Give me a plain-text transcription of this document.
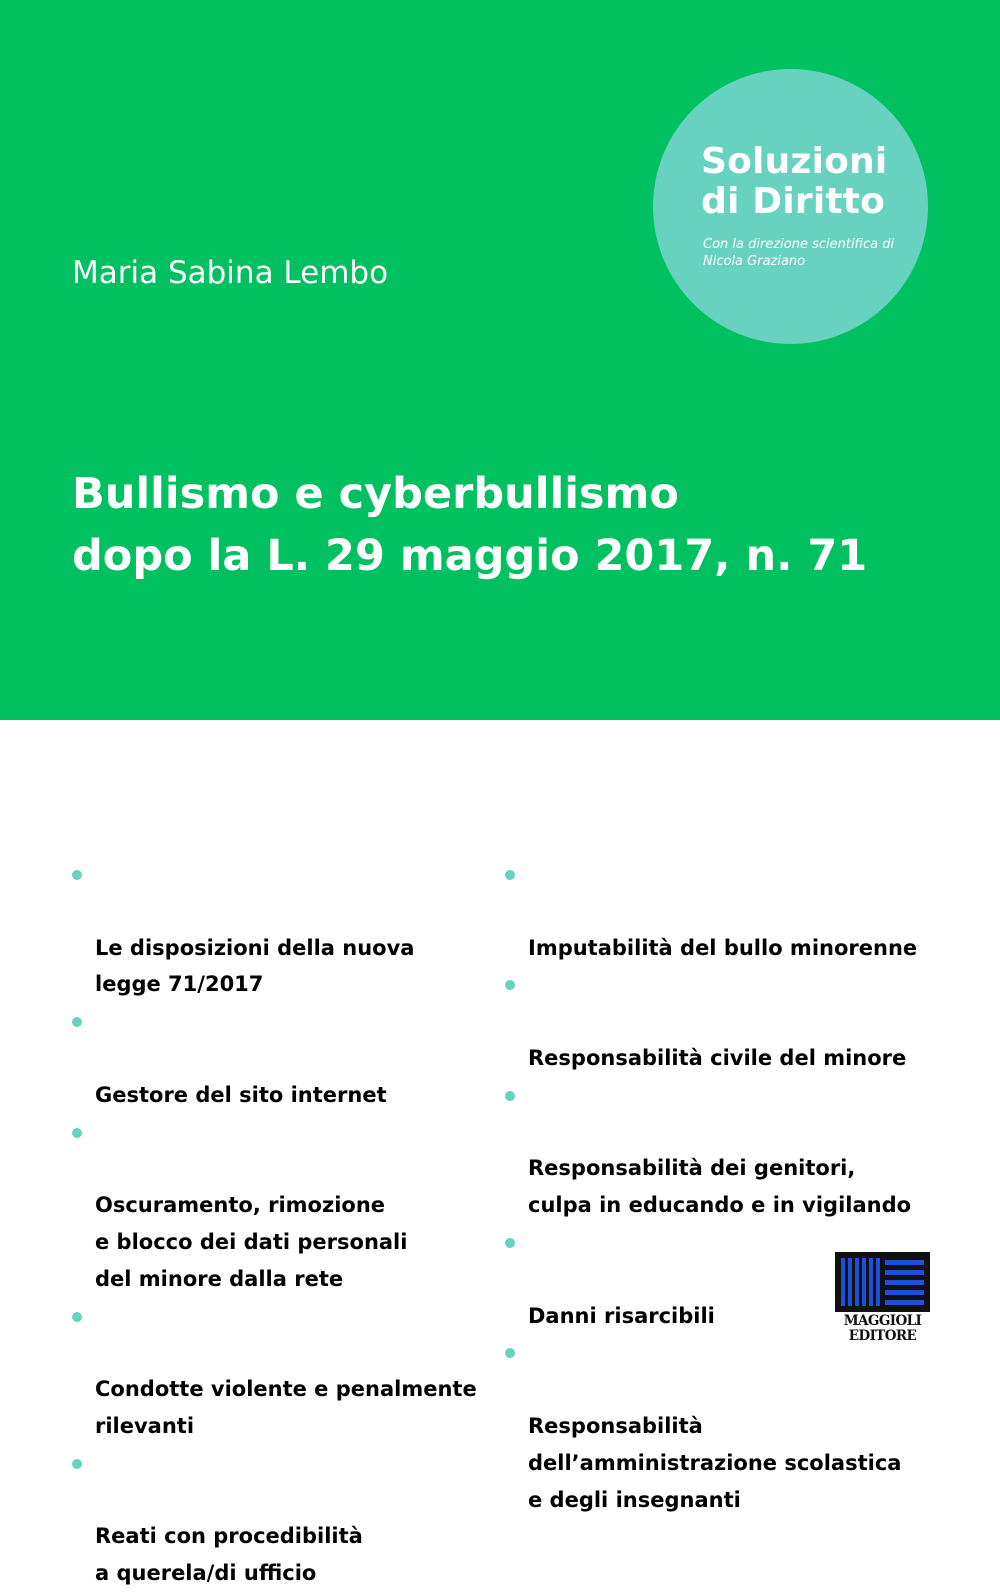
Maria Sabina Lembo
Soluzioni di Diritto
Con la direzione scientifica di Nicola Graziano
Bullismo e cyberbullismo
dopo la L. 29 maggio 2017, n. 71

Le disposizioni della nuova
legge 71/2017

Gestore del sito internet

Oscuramento, rimozione
e blocco dei dati personali
del minore dalla rete

Condotte violente e penalmente
rilevanti

Reati con procedibilità
a querela/di ufficio

Imputabilità del bullo minorenne

Responsabilità civile del minore

Responsabilità dei genitori,
culpa in educando e in vigilando

Danni risarcibili

Responsabilità
dell’amministrazione scolastica
e degli insegnanti

MAGGIOLI EDITORE
